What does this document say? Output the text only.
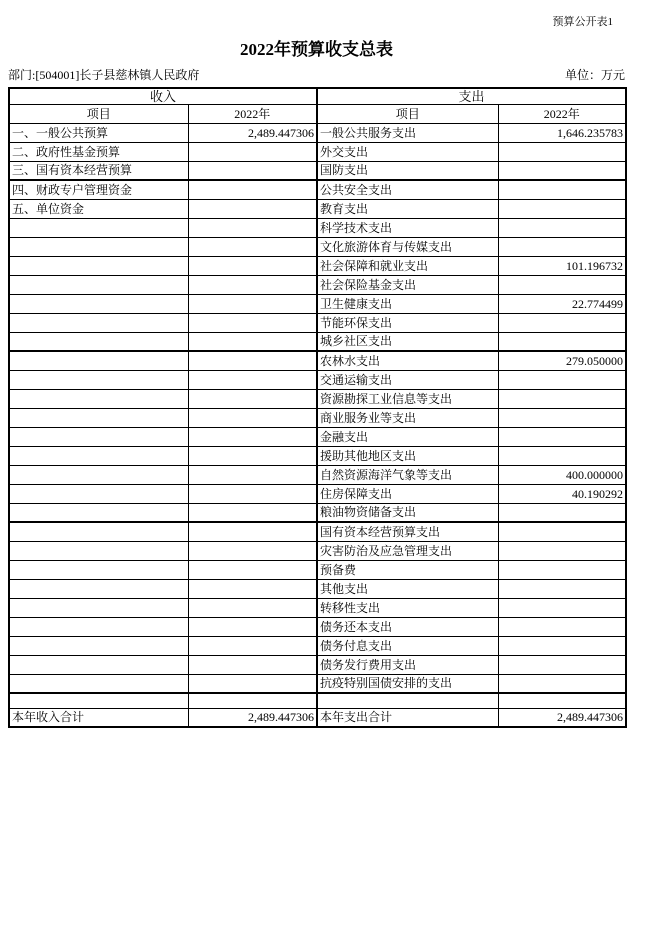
预算公开表1
2022年预算收支总表
部门:[504001]长子县慈林镇人民政府	单位：万元
收入		支出	
项目	2022年	项目	2022年
一、一般公共预算	2,489.447306	一般公共服务支出	1,646.235783
二、政府性基金预算		外交支出	
三、国有资本经营预算		国防支出	
四、财政专户管理资金		公共安全支出	
五、单位资金		教育支出	
		科学技术支出	
		文化旅游体育与传媒支出	
		社会保障和就业支出	101.196732
		社会保险基金支出	
		卫生健康支出	22.774499
		节能环保支出	
		城乡社区支出	
		农林水支出	279.050000
		交通运输支出	
		资源勘探工业信息等支出	
		商业服务业等支出	
		金融支出	
		援助其他地区支出	
		自然资源海洋气象等支出	400.000000
		住房保障支出	40.190292
		粮油物资储备支出	
		国有资本经营预算支出	
		灾害防治及应急管理支出	
		预备费	
		其他支出	
		转移性支出	
		债务还本支出	
		债务付息支出	
		债务发行费用支出	
		抗疫特别国债安排的支出	

本年收入合计	2,489.447306	本年支出合计	2,489.447306
